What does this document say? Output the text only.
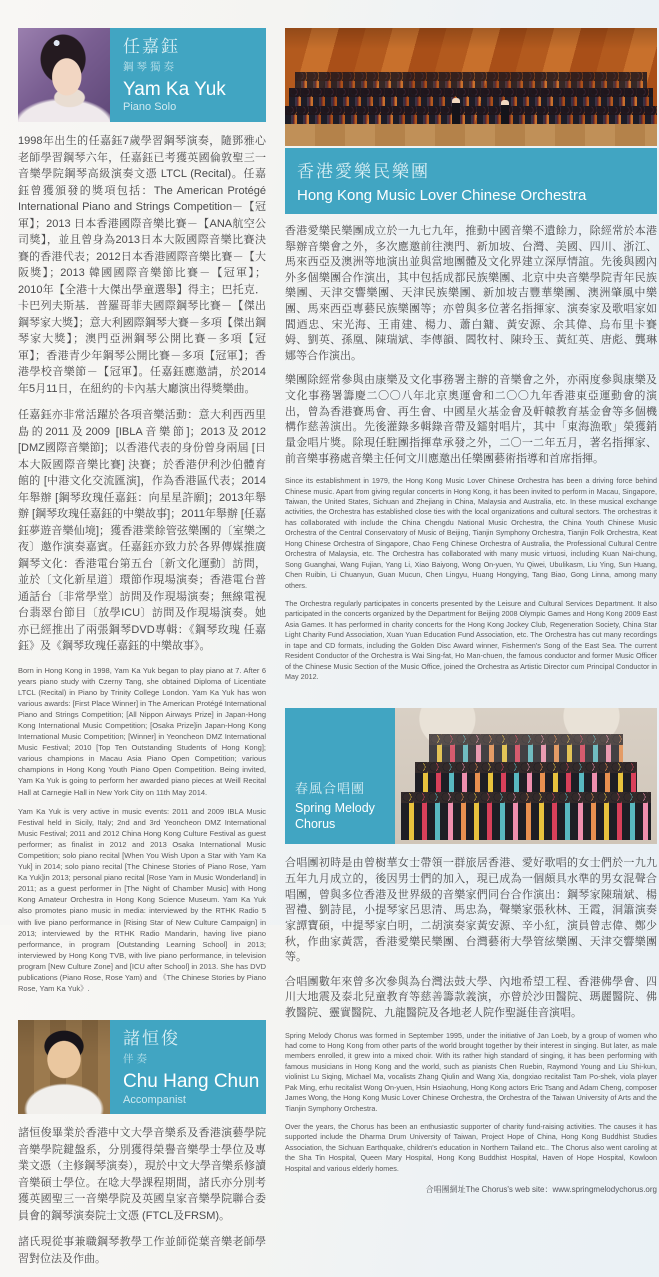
任嘉鈺
鋼琴獨奏
Yam Ka Yuk
Piano Solo

1998年出生的任嘉鈺7歲學習鋼琴演奏，隨鄧雅心老師學習鋼琴六年，任嘉鈺已考獲英國倫敦聖三一音樂學院鋼琴高級演奏文憑 LTCL (Recital)。任嘉鈺曾獲頒發的獎項包括：The American Protégé International Piano and Strings Competition－【冠軍】；2013 日本香港國際音樂比賽－【ANA航空公司獎】，並且曾身為2013日本大阪國際音樂比賽決賽的香港代表；2012日本香港國際音樂比賽－【大阪獎】；2013 韓國國際音樂節比賽－【冠軍】；2010年【全港十大傑出學童選舉】得主；巴托克．卡巴列夫斯基．普羅哥菲夫國際鋼琴比賽－【傑出鋼琴家大獎】；意大利國際鋼琴大賽－多項【傑出鋼琴家大獎】；澳門亞洲鋼琴公開比賽－多項【冠軍】；香港青少年鋼琴公開比賽－多項【冠軍】；香港學校音樂節－【冠軍】。任嘉鈺應邀請，於2014年5月11日，在紐約的卡內基大廳演出得獎樂曲。

任嘉鈺亦非常活躍於各項音樂活動：意大利西西里島的2011及2009 [IBLA音樂節]；2013及2012 [DMZ國際音樂節]；以香港代表的身份曾身兩屆 [日本大阪國際音樂比賽] 決賽；於香港伊利沙伯體育館的 [中港文化交流匯演]，作為香港區代表；2014年舉辦 [鋼琴玫瑰任嘉鈺：向星星許願]；2013年舉辦 [鋼琴玫瑰任嘉鈺的中樂故事]；2011年舉辦 [任嘉鈺夢遊音樂仙境]；獲香港業餘管弦樂團的〔室樂之夜〕邀作演奏嘉賓。任嘉鈺亦致力於各界傳媒推廣鋼琴文化：香港電台第五台〔新文化運動〕訪問，並於〔文化新星道〕環節作現場演奏；香港電台普通話台〔非常學堂〕訪問及作現場演奏；無線電視台翡翠台節目〔放學ICU〕訪問及作現場演奏。她亦已經推出了兩張鋼琴DVD專輯：《鋼琴玫瑰 任嘉鈺》及《鋼琴玫瑰任嘉鈺的中樂故事》。

Born in Hong Kong in 1998, Yam Ka Yuk began to play piano at 7. After 6 years piano study with Czerny Tang, she obtained Diploma of Licentiate LTCL (Recital) in Piano by Trinity College London. Yam Ka Yuk has won various awards: [First Place Winner] in The American Protégé International Piano and Strings Competition; [All Nippon Airways Prize] in Japan-Hong Kong International Music Competition; [Osaka Prize]in Japan-Hong Kong International Music Competition; [Winner] in Yeoncheon DMZ International Music Festival; 2010 [Top Ten Outstanding Students of Hong Kong]; various champions in Macau Asia Piano Open Competition; various champions in Hong Kong Youth Piano Open Competition. Being invited, Yam Ka Yuk is going to perform her awarded piano pieces at Weill Recital Hall at Carnegie Hall in New York City on 11th May 2014.

Yam Ka Yuk is very active in music events: 2011 and 2009 IBLA Music Festival held in Sicily, Italy; 2nd and 3rd Yeoncheon DMZ International Music Festival; 2011 and 2012 China Hong Kong Culture Festival as guest performer; as finalist in 2012 and 2013 Osaka International Music Competition; solo piano recital [When You Wish Upon a Star with Yam Ka Yuk] in 2014; solo piano recital [The Chinese Stories of Piano Rose, Yam Ka Yuk]in 2013; personal piano recital [Rose Yam in Music Wonderland] in 2011; as a guest performer in [The Night of Chamber Music] with Hong Kong Amateur Orchestra in Hong Kong Science Museum. Yam Ka Yuk also promotes piano music in media: interviewed by the RTHK Radio 5 with live piano performance in [Rising Star of New Culture Campaign] in 2013; interviewed by the RTHK Radio Mandarin, having live piano performance, in program [Outstanding Learning School] in 2013; interviewed by Hong Kong TVB, with live piano performance, in television program [New Culture Zone] and [ICU after School] in 2013. She has DVD publications (Piano Rose, Rose Yam) and 《The Chinese Stories by Piano Rose, Yam Ka Yuk》.

諸恒俊
伴奏
Chu Hang Chun
Accompanist

諸恒俊畢業於香港中文大學音樂系及香港演藝學院音樂學院鍵盤系，分別獲得榮譽音樂學士學位及專業文憑（主修鋼琴演奏），現於中文大學音樂系修讀音樂碩士學位。在唸大學課程期間，諸氏亦分別考獲英國聖三一音樂學院及英國皇家音樂學院聯合委員會的鋼琴演奏院士文憑 (FTCL及FRSM)。

諸氏現從事兼職鋼琴教學工作並師從葉音樂老師學習對位法及作曲。

香港愛樂民樂團
Hong Kong Music Lover Chinese Orchestra

香港愛樂民樂團成立於一九七九年，推動中國音樂不遺餘力，除經常於本港舉辦音樂會之外，多次應邀前往澳門、新加坡、台灣、美國、四川、浙江、馬來西亞及澳洲等地演出並與當地團體及文化界建立深厚情誼。先後與國內外多個樂團合作演出，其中包括成都民族樂團、北京中央音樂學院青年民族樂團、天津交響樂團、天津民族樂團、新加坡吉豐華樂團、澳洲肇風中樂團、馬來西亞專藝民族樂團等；亦曾與多位著名指揮家、演奏家及歌唱家如閻迺忠、宋光海、王甫建、楊力、蕭白鏞、黃安源、余其偉、烏布里卡賽姆、劉英、孫凰、陳瑞斌、李傳韻、閻牧村、陳玲玉、黃紅英、唐彪、龔琳娜等合作演出。

樂團除經常參與由康樂及文化事務署主辦的音樂會之外，亦兩度參與康樂及文化事務署籌慶二〇〇八年北京奧運會和二〇〇九年香港東亞運動會的演出，曾為香港賽馬會、再生會、中國星火基金會及軒轅教育基金會等多個機構作慈善演出。先後灌錄多輯錄音帶及鐳射唱片，其中「東海漁歌」榮獲銷量金唱片獎。除現任駐團指揮韋承發之外，二〇一二年五月，著名指揮家、前音樂事務處音樂主任何文川應邀出任樂團藝術指導和首席指揮。

Since its establishment in 1979, the Hong Kong Music Lover Chinese Orchestra has been a driving force behind Chinese music. Apart from giving regular concerts in Hong Kong, it has been invited to perform in Macau, Singapore, Taiwan, the United States, Sichuan and Zhejiang in China, Malaysia and Australia, etc. In these musical exchange activities, the Orchestra has established close ties with the local organizations and cultural sectors. The orchestras it has collaborated with include the China Chengdu National Music Orchestra, the China Youth Chinese Music Orchestra of the Central Conservatory of Music of Beijing, Tianjin Symphony Orchestra, Tianjin Folk Orchestra, Keat Hong Chinese Orchestra of Singapore, Chao Feng Chinese Orchestra of Australia, the Professional Cultural Centre Orchestra of Malaysia, etc. The Orchestra has collaborated with many music virtuosi, including Kuan Nai-chung, Song Guanghai, Wang Fujian, Yang Li, Xiao Baiyong, Wong On-yuen, Yu Qiwei, Ubulikasm, Liu Ying, Sun Huang, Chen Ruibin, Li Chuanyun, Guan Mucun, Chen Lingyu, Huang Hongying, Tang Biao, Gong Linna, among many others.

The Orchestra regularly participates in concerts presented by the Leisure and Cultural Services Department. It also participated in the concerts organized by the Department for Beijing 2008 Olympic Games and Hong Kong 2009 East Asia Games. It has performed in charity concerts for the Hong Kong Jockey Club, Regeneration Society, China Star Light Charity Fund Association, Xuan Yuan Education Fund Association, etc. The Orchestra has cut many recordings in tape and CD formats, including the Golden Disc Award winner, Fishermen's Song of the East Sea. The current Resident Conductor of the Orchestra is Wai Sing-fat, Ho Man-chuen, the famous conductor and former Music Officer of the Chinese Music Section of the Music Office, joined the Orchestra as Artistic Director cum Principal Conductor in May 2012.

春風合唱團
Spring Melody
Chorus

合唱團初時是由曾樹華女士帶領一群旅居香港、愛好歌唱的女士們於一九九五年九月成立的，後因男士們的加入，現已成為一個頗具水準的男女混聲合唱團，曾與多位香港及世界級的音樂家們同台合作演出：鋼琴家陳瑞斌、楊習禮、劉詩昆，小提琴家呂思清、馬忠為，聲樂家張秋林、王霞，洞簫演奏家譚寶碩，中提琴家白明，二胡演奏家黃安源、辛小紅，演員曾志偉、鄭少秋，作曲家黃霑，香港愛樂民樂團、台灣藝術大學管絃樂團、天津交響樂團等。

合唱團數年來曾多次參與為台灣法鼓大學、內地希望工程、香港佛學會、四川大地震及泰北兒童教育等慈善籌款義演，亦曾於沙田醫院、瑪麗醫院、佛教醫院、靈實醫院、九龍醫院及各地老人院作聖誕佳音演唱。

Spring Melody Chorus was formed in September 1995, under the initiative of Jan Loeb, by a group of women who had come to Hong Kong from other parts of the world brought together by their interest in singing. But later, as male members enrolled, it grew into a mixed choir. With its rather high standard of singing, it has been performing with famous musicians in Hong Kong and the world, such as pianists Chen Ruebin, Raymond Young and Liu Shi-kun, violinist Lu Siqing, Michael Ma, vocalists Zhang Qiulin and Wang Xia, dongxiao recitalist Tam Po-shek, viola player Pak Ming, erhu recitalist Wong On-yuen, Hsin Hsiaohung, Hong Kong actors Eric Tsang and Adam Cheng, composer James Wong, the Hong Kong Music Lover Chinese Orchestra, the Orchestra of the Taiwan University of Arts and the Tianjin Symphony Orchestra.

Over the years, the Chorus has been an enthusiastic supporter of charity fund-raising activities. The causes it has supported include the Dharma Drum University of Taiwan, Project Hope of China, Hong Kong Buddhist Studies Association, the Sichuan Earthquake, children's education in Northern Tailand etc.. The Chorus also went caroling at the Sha Tin Hospital, Queen Mary Hospital, Hong Kong Buddhist Hospital, Haven of Hope Hospital, Kowloon Hospital and various elderly homes.

合唱團網址The Chorus's web site：www.springmelodychorus.org
